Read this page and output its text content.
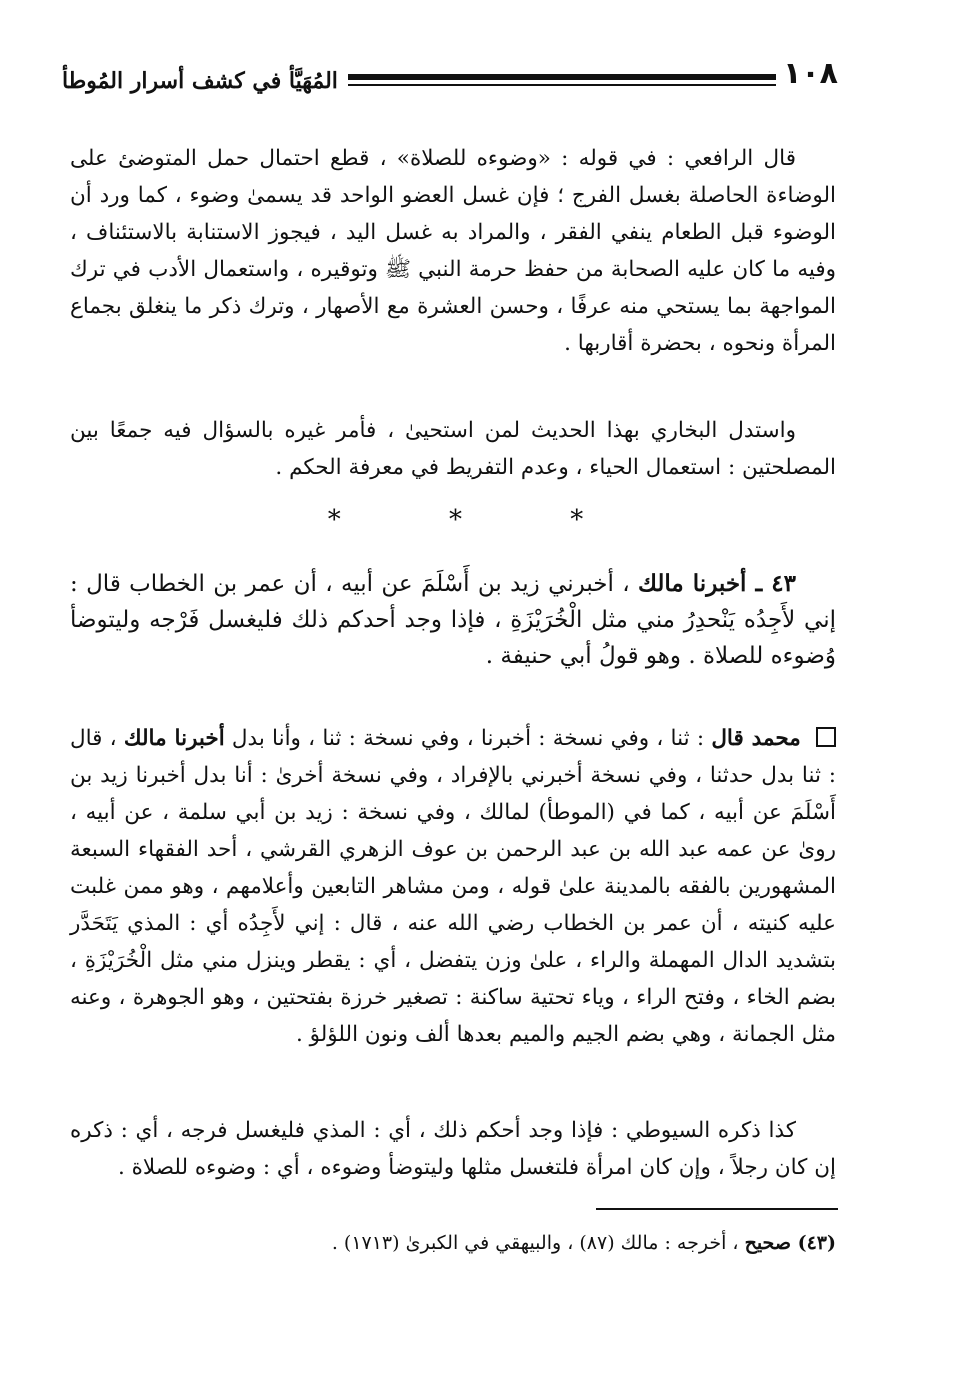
١٠٨
المُهَيَّأ في كشف أسرار المُوطأ

قال الرافعي : في قوله : «وضوءه للصلاة» ، قطع احتمال حمل المتوضئ على الوضاءة الحاصلة بغسل الفرج ؛ فإن غسل العضو الواحد قد يسمىٰ وضوء ، كما ورد أن الوضوء قبل الطعام ينفي الفقر ، والمراد به غسل اليد ، فيجوز الاستنابة بالاستئناف ، وفيه ما كان عليه الصحابة من حفظ حرمة النبي ﷺ وتوقيره ، واستعمال الأدب في ترك المواجهة بما يستحي منه عرفًا ، وحسن العشرة مع الأصهار ، وترك ذكر ما ينغلق بجماع المرأة ونحوه ، بحضرة أقاربها .

واستدل البخاري بهذا الحديث لمن استحيىٰ ، فأمر غيره بالسؤال فيه جمعًا بين المصلحتين : استعمال الحياء ، وعدم التفريط في معرفة الحكم .

* * *

٤٣ ـ أخبرنا مالك ، أخبرني زيد بن أَسْلَمَ عن أبيه ، أن عمر بن الخطاب قال : إني لأَجِدُه يَنْحدِرُ مني مثل الْخُرَيْزَةِ ، فإذا وجد أحدكم ذلك فليغسل فَرْجه وليتوضأ وُضوءه للصلاة . وهو قولُ أبي حنيفة .

محمد قال : ثنا ، وفي نسخة : أخبرنا ، وفي نسخة : ثنا ، وأنا بدل أخبرنا مالك ، قال : ثنا بدل حدثنا ، وفي نسخة أخبرني بالإفراد ، وفي نسخة أخرىٰ : أنا بدل أخبرنا زيد بن أَسْلَمَ عن أبيه ، كما في (الموطأ) لمالك ، وفي نسخة : زيد بن أبي سلمة ، عن أبيه ، روىٰ عن عمه عبد الله بن عبد الرحمن بن عوف الزهري القرشي ، أحد الفقهاء السبعة المشهورين بالفقه بالمدينة علىٰ قوله ، ومن مشاهر التابعين وأعلامهم ، وهو ممن غلبت عليه كنيته ، أن عمر بن الخطاب رضي الله عنه ، قال : إني لأَجِدُه أي : المذي يَتَحَدَّر بتشديد الدال المهملة والراء ، علىٰ وزن يتفضل ، أي : يقطر وينزل مني مثل الْخُرَيْزَةِ ، بضم الخاء ، وفتح الراء ، وياء تحتية ساكنة : تصغير خرزة بفتحتين ، وهو الجوهرة ، وعنه مثل الجمانة ، وهي بضم الجيم والميم بعدها ألف ونون اللؤلؤ .

كذا ذكره السيوطي : فإذا وجد أحكم ذلك ، أي : المذي فليغسل فرجه ، أي : ذكره إن كان رجلاً ، وإن كان امرأة فلتغسل مثلها وليتوضأ وضوءه ، أي : وضوءه للصلاة .

(٤٣) صحيح ، أخرجه : مالك (٨٧) ، والبيهقي في الكبرىٰ (١٧١٣) .
